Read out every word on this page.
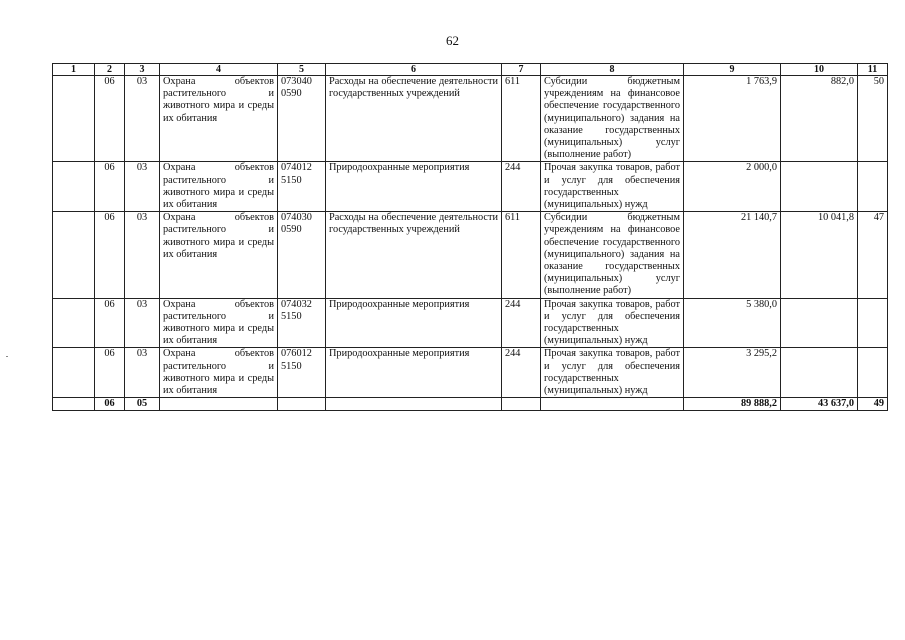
62
1	2	3	4	5	6	7	8	9	10	11
	06	03	Охрана объектов растительного и животного мира и среды их обитания	073040 0590	Расходы на обеспечение деятельности государственных учреждений	611	Субсидии бюджетным учреждениям на финансовое обеспечение государственного (муниципального) задания на оказание государственных (муниципальных) услуг (выполнение работ)	1 763,9	882,0	50
	06	03	Охрана объектов растительного и животного мира и среды их обитания	074012 5150	Природоохранные мероприятия	244	Прочая закупка товаров, работ и услуг для обеспечения государственных (муниципальных) нужд	2 000,0		
	06	03	Охрана объектов растительного и животного мира и среды их обитания	074030 0590	Расходы на обеспечение деятельности государственных учреждений	611	Субсидии бюджетным учреждениям на финансовое обеспечение государственного (муниципального) задания на оказание государственных (муниципальных) услуг (выполнение работ)	21 140,7	10 041,8	47
	06	03	Охрана объектов растительного и животного мира и среды их обитания	074032 5150	Природоохранные мероприятия	244	Прочая закупка товаров, работ и услуг для обеспечения государственных (муниципальных) нужд	5 380,0		
	06	03	Охрана объектов растительного и животного мира и среды их обитания	076012 5150	Природоохранные мероприятия	244	Прочая закупка товаров, работ и услуг для обеспечения государственных (муниципальных) нужд	3 295,2		
	06	05						89 888,2	43 637,0	49
